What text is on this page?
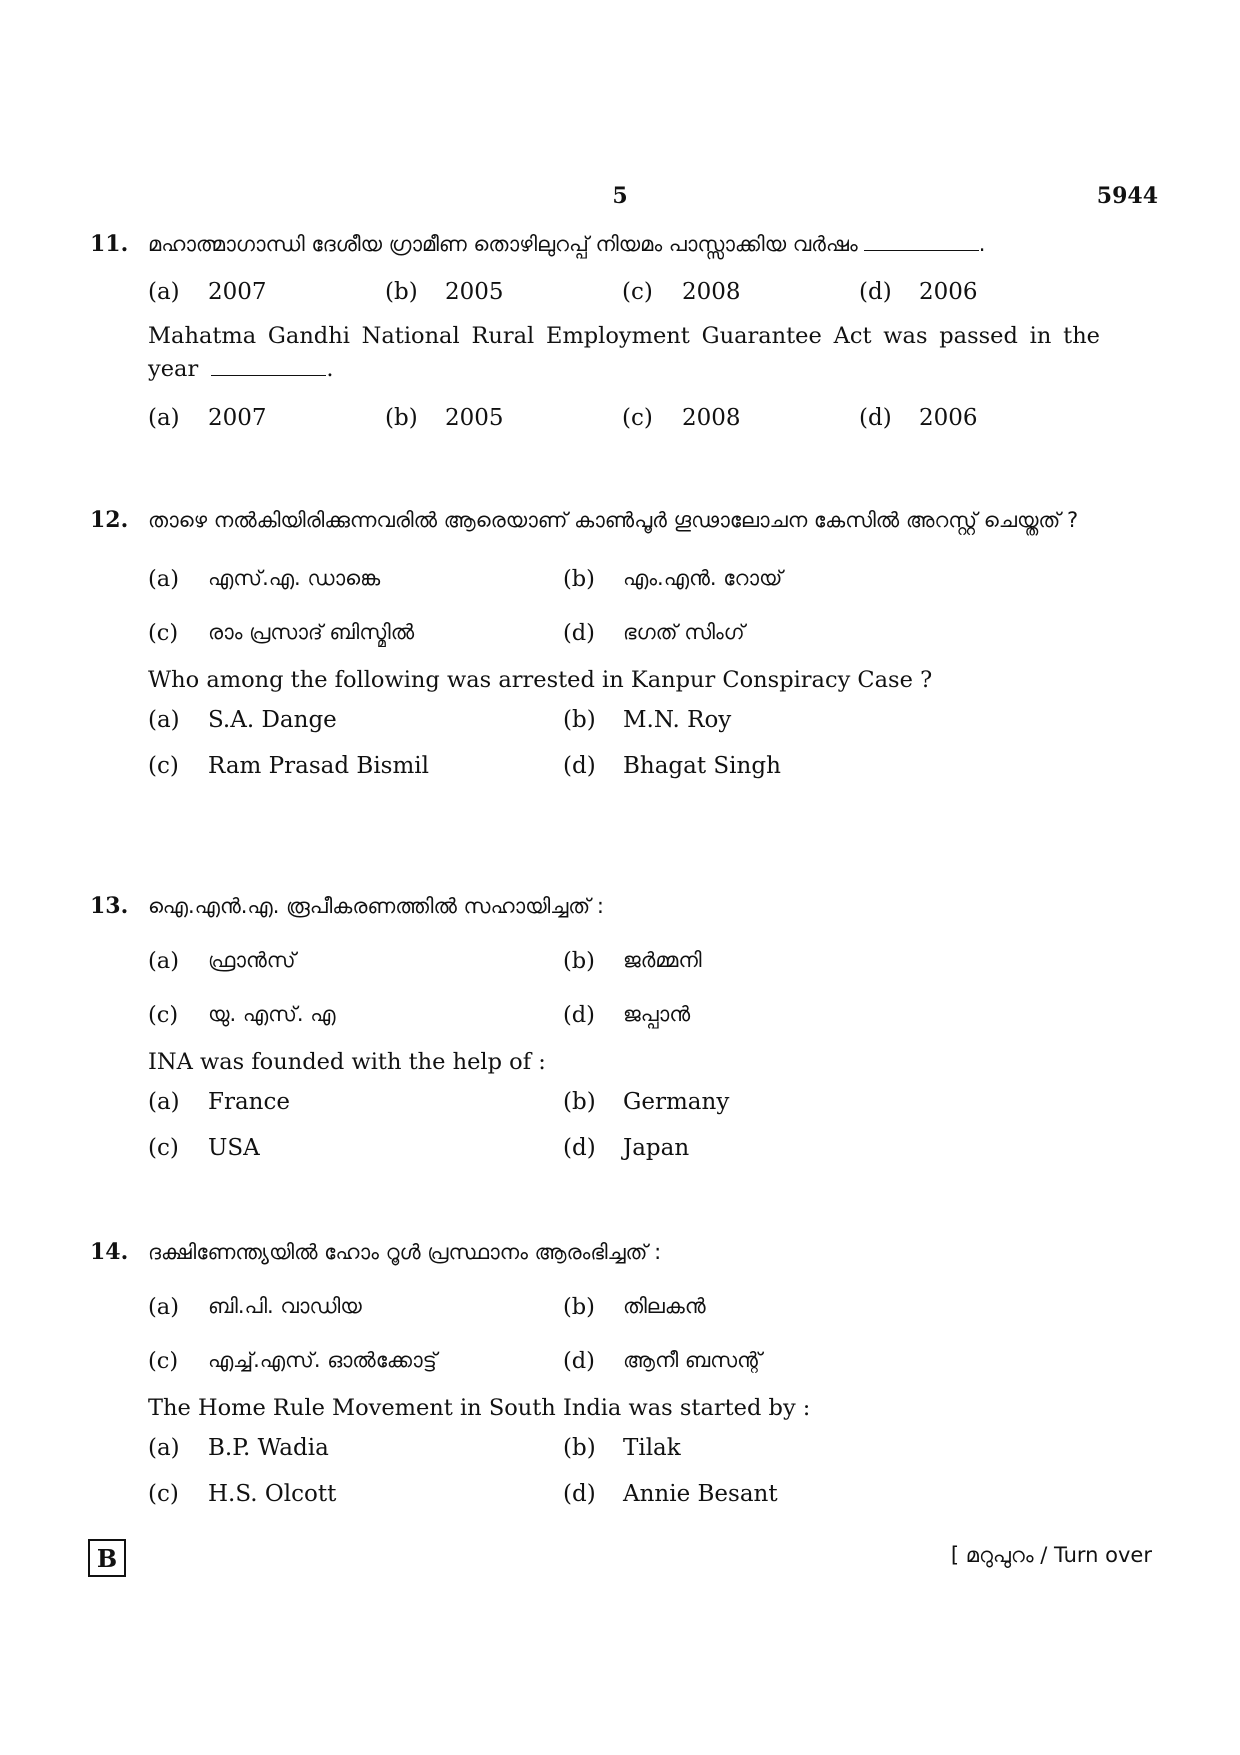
5	5944
11. മഹാത്മാഗാന്ധി ദേശീയ ഗ്രാമീണ തൊഴിലുറപ്പ് നിയമം പാസ്സാക്കിയ വർഷം	.
(a)	2007	(b)	2005	(c)	2008	(d)	2006
Mahatma Gandhi National Rural Employment Guarantee Act was passed in the year	.
(a)	2007	(b)	2005	(c)	2008	(d)	2006
12. താഴെ നൽകിയിരിക്കുന്നവരിൽ ആരെയാണ് കാൺപൂർ ഗൂഢാലോചന കേസിൽ അറസ്റ്റ് ചെയ്തത് ?
(a)	എസ്.എ. ഡാങ്കെ	(b)	എം.എൻ. റോയ്
(c)	രാം പ്രസാദ് ബിസ്മിൽ	(d)	ഭഗത് സിംഗ്
Who among the following was arrested in Kanpur Conspiracy Case ?
(a)	S.A. Dange	(b)	M.N. Roy
(c)	Ram Prasad Bismil	(d)	Bhagat Singh
13. ഐ.എൻ.എ. രൂപീകരണത്തിൽ സഹായിച്ചത് :
(a)	ഫ്രാൻസ്	(b)	ജർമ്മനി
(c)	യു. എസ്. എ	(d)	ജപ്പാൻ
INA was founded with the help of :
(a)	France	(b)	Germany
(c)	USA	(d)	Japan
14. ദക്ഷിണേന്ത്യയിൽ ഹോം റൂൾ പ്രസ്ഥാനം ആരംഭിച്ചത് :
(a)	ബി.പി. വാഡിയ	(b)	തിലകൻ
(c)	എച്ച്.എസ്. ഓൽക്കോട്ട്	(d)	ആനീ ബസന്റ്
The Home Rule Movement in South India was started by :
(a)	B.P. Wadia	(b)	Tilak
(c)	H.S. Olcott	(d)	Annie Besant
B	[ മറുപുറം / Turn over
